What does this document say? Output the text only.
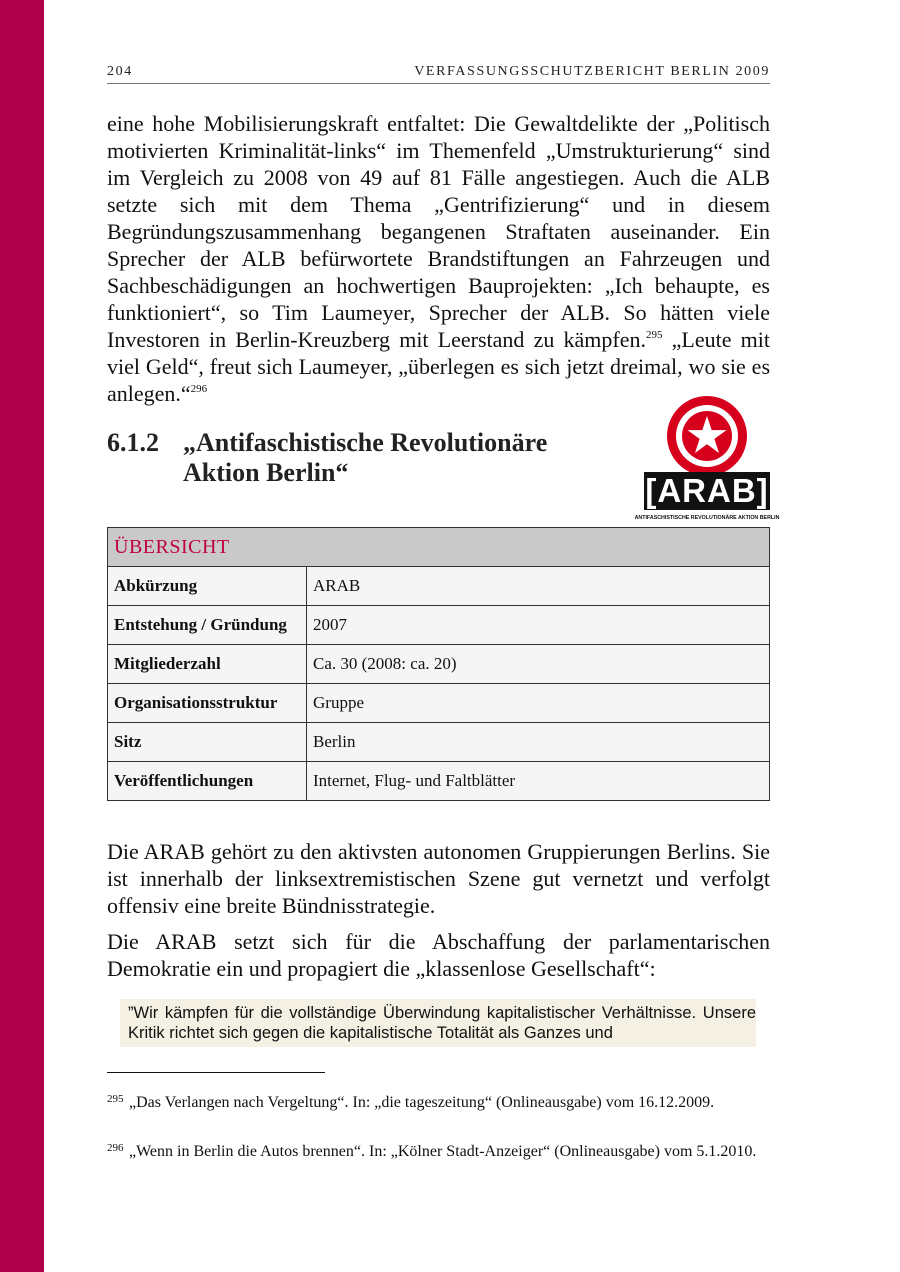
204	VERFASSUNGSSCHUTZBERICHT BERLIN 2009

eine hohe Mobilisierungskraft entfaltet: Die Gewaltdelikte der „Politisch motivierten Kriminalität-links“ im Themenfeld „Umstrukturierung“ sind im Vergleich zu 2008 von 49 auf 81 Fälle angestiegen. Auch die ALB setzte sich mit dem Thema „Gentrifizierung“ und in diesem Begründungszusammenhang begangenen Straftaten auseinander. Ein Sprecher der ALB befürwortete Brandstiftungen an Fahrzeugen und Sachbeschädigungen an hochwertigen Bauprojekten: „Ich behaupte, es funktioniert“, so Tim Laumeyer, Sprecher der ALB. So hätten viele Investoren in Berlin-Kreuzberg mit Leerstand zu kämpfen.$^{295}$ „Leute mit viel Geld“, freut sich Laumeyer, „überlegen es sich jetzt dreimal, wo sie es anlegen.“$^{296}$

6.1.2 „Antifaschistische Revolutionäre Aktion Berlin“	[ARAB]
ANTIFASCHISTISCHE REVOLUTIONÄRE AKTION BERLIN
ÜBERSICHT	
Abkürzung	ARAB
Entstehung / Gründung	2007
Mitgliederzahl	Ca. 30 (2008: ca. 20)
Organisationsstruktur	Gruppe
Sitz	Berlin
Veröffentlichungen	Internet, Flug- und Faltblätter

Die ARAB gehört zu den aktivsten autonomen Gruppierungen Berlins. Sie ist innerhalb der linksextremistischen Szene gut vernetzt und verfolgt offensiv eine breite Bündnisstrategie.

Die ARAB setzt sich für die Abschaffung der parlamentarischen Demokratie ein und propagiert die „klassenlose Gesellschaft“:

”Wir kämpfen für die vollständige Überwindung kapitalistischer Verhältnisse. Unsere Kritik richtet sich gegen die kapitalistische Totalität als Ganzes und
295 „Das Verlangen nach Vergeltung“. In: „die tageszeitung“ (Onlineausgabe) vom 16.12.2009.
296 „Wenn in Berlin die Autos brennen“. In: „Kölner Stadt-Anzeiger“ (Onlineausgabe) vom 5.1.2010.
